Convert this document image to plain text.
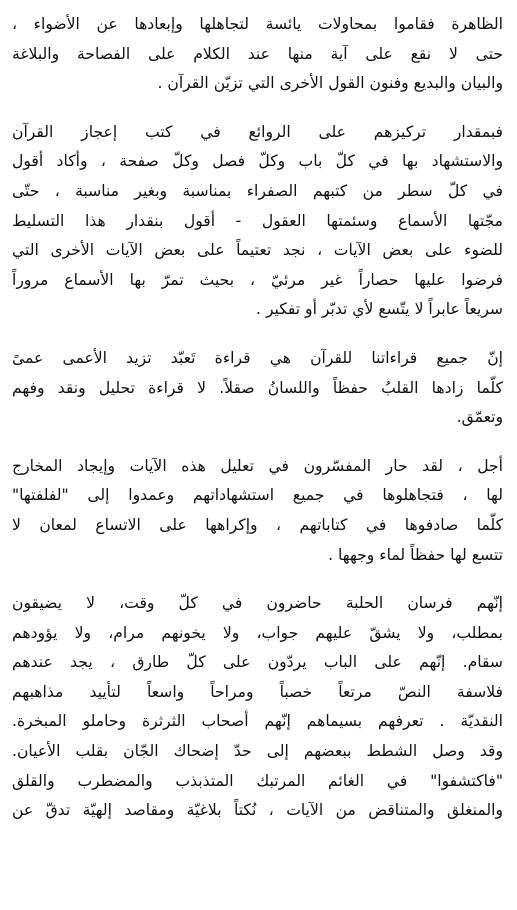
الظاهرة فقاموا بمحاولات يائسة لتجاهلها وإبعادها عن الأضواء ،
حتى لا نقع على آية منها عند الكلام على الفصاحة والبلاغة
والبيان والبديع وفنون القول الأخرى التي تزيّن القرآن .

فبمقدار تركيزهم على الروائع في كتب إعجاز القرآن
والاستشهاد بها في كلّ باب وكلّ فصل وكلّ صفحة ، وأكاد أقول
في كلّ سطر من كتبهم الصفراء بمناسبة وبغير مناسبة ، حتّى
مجّتها الأسماع وسئمتها العقول - أقول بنقدار هذا التسليط
للضوء على بعض الآيات ، نجد تعتيماً على بعض الآيات الأخرى التي
فرضوا عليها حصاراً غير مرئيّ ، بحيث تمرّ بها الأسماع مروراً
سريعاً عابراً لا يتّسع لأي تدبّر أو تفكير .

إنّ جميع قراءاتنا للقرآن هي قراءة تَعبّد تزيد الأعمى عمىً
كلّما زادها القلبُ حفظاً واللسانُ صقلاً. لا قراءة تحليل ونقد وفهم
وتعمّق.

أجل ، لقد حار المفسّرون في تعليل هذه الآيات وإيجاد المخارج
لها ، فتجاهلوها في جميع استشهاداتهم وعمدوا إلى "لفلفتها"
كلّما صادفوها في كتاباتهم ، وإكراهها على الاتساع لمعان لا
تتسع لها حفظاً لماء وجهها .

إنّهم فرسان الحلبة حاضرون في كلّ وقت، لا يضيقون
بمطلب، ولا يشقّ عليهم جواب، ولا يخونهم مرام، ولا يؤودهم
سقام. إنّهم على الباب يردّون على كلّ طارق ، يجد عندهم
فلاسفة النصّ مرتعاً خصباً ومراحاً واسعاً لتأييد مذاهبهم
النقديّة . تعرفهم بسيماهم إنّهم أصحاب الثرثرة وحاملو المبخرة.
وقد وصل الشطط ببعضهم إلى حدّ إضحاك الجّان بقلب الأعيان.
"فاكتشفوا" في الغائم المرتبك المتذبذب والمضطرب والقلق
والمنغلق والمتناقض من الآيات ، نُكتاً بلاغيّة ومقاصد إلهيّة تدقّ عن
